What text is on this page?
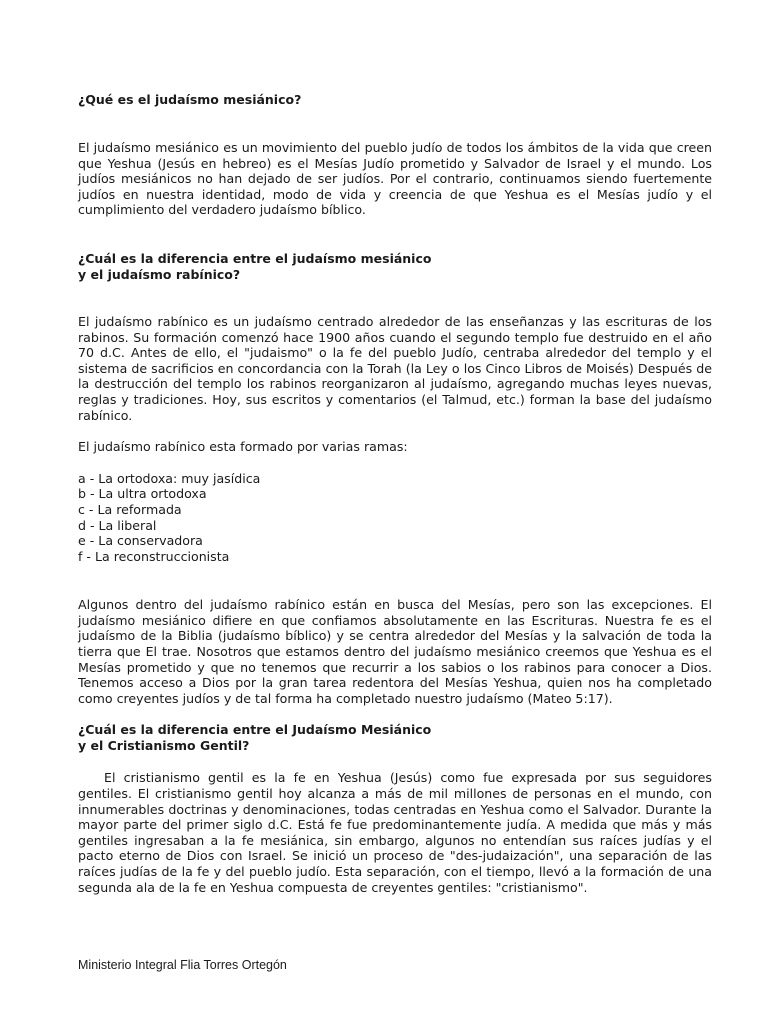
¿Qué es el judaísmo mesiánico?

El judaísmo mesiánico es un movimiento del pueblo judío de todos los ámbitos de la vida que creen que Yeshua (Jesús en hebreo) es el Mesías Judío prometido y Salvador de Israel y el mundo. Los judíos mesiánicos no han dejado de ser judíos. Por el contrario, continuamos siendo fuertemente judíos en nuestra identidad, modo de vida y creencia de que Yeshua es el Mesías judío y el cumplimiento del verdadero judaísmo bíblico.

¿Cuál es la diferencia entre el judaísmo mesiánico
y el judaísmo rabínico?

El judaísmo rabínico es un judaísmo centrado alrededor de las enseñanzas y las escrituras de los rabinos. Su formación comenzó hace 1900 años cuando el segundo templo fue destruido en el año 70 d.C. Antes de ello, el "judaismo" o la fe del pueblo Judío, centraba alrededor del templo y el sistema de sacrificios en concordancia con la Torah (la Ley o los Cinco Libros de Moisés) Después de la destrucción del templo los rabinos reorganizaron al judaísmo, agregando muchas leyes nuevas, reglas y tradiciones. Hoy, sus escritos y comentarios (el Talmud, etc.) forman la base del judaísmo rabínico.

El judaísmo rabínico esta formado por varias ramas:

a - La ortodoxa: muy jasídica
b - La ultra ortodoxa
c - La reformada
d - La liberal
e - La conservadora
f - La reconstruccionista

Algunos dentro del judaísmo rabínico están en busca del Mesías, pero son las excepciones. El judaísmo mesiánico difiere en que confiamos absolutamente en las Escrituras. Nuestra fe es el judaísmo de la Biblia (judaísmo bíblico) y se centra alrededor del Mesías y la salvación de toda la tierra que El trae. Nosotros que estamos dentro del judaísmo mesiánico creemos que Yeshua es el Mesías prometido y que no tenemos que recurrir a los sabios o los rabinos para conocer a Dios. Tenemos acceso a Dios por la gran tarea redentora del Mesías Yeshua, quien nos ha completado como creyentes judíos y de tal forma ha completado nuestro judaísmo (Mateo 5:17).

¿Cuál es la diferencia entre el Judaísmo Mesiánico
y el Cristianismo Gentil?

El cristianismo gentil es la fe en Yeshua (Jesús) como fue expresada por sus seguidores gentiles. El cristianismo gentil hoy alcanza a más de mil millones de personas en el mundo, con innumerables doctrinas y denominaciones, todas centradas en Yeshua como el Salvador. Durante la mayor parte del primer siglo d.C. Está fe fue predominantemente judía. A medida que más y más gentiles ingresaban a la fe mesiánica, sin embargo, algunos no entendían sus raíces judías y el pacto eterno de Dios con Israel. Se inició un proceso de "des-judaización", una separación de las raíces judías de la fe y del pueblo judío. Esta separación, con el tiempo, llevó a la formación de una segunda ala de la fe en Yeshua compuesta de creyentes gentiles: "cristianismo".

Ministerio Integral Flia Torres Ortegón
